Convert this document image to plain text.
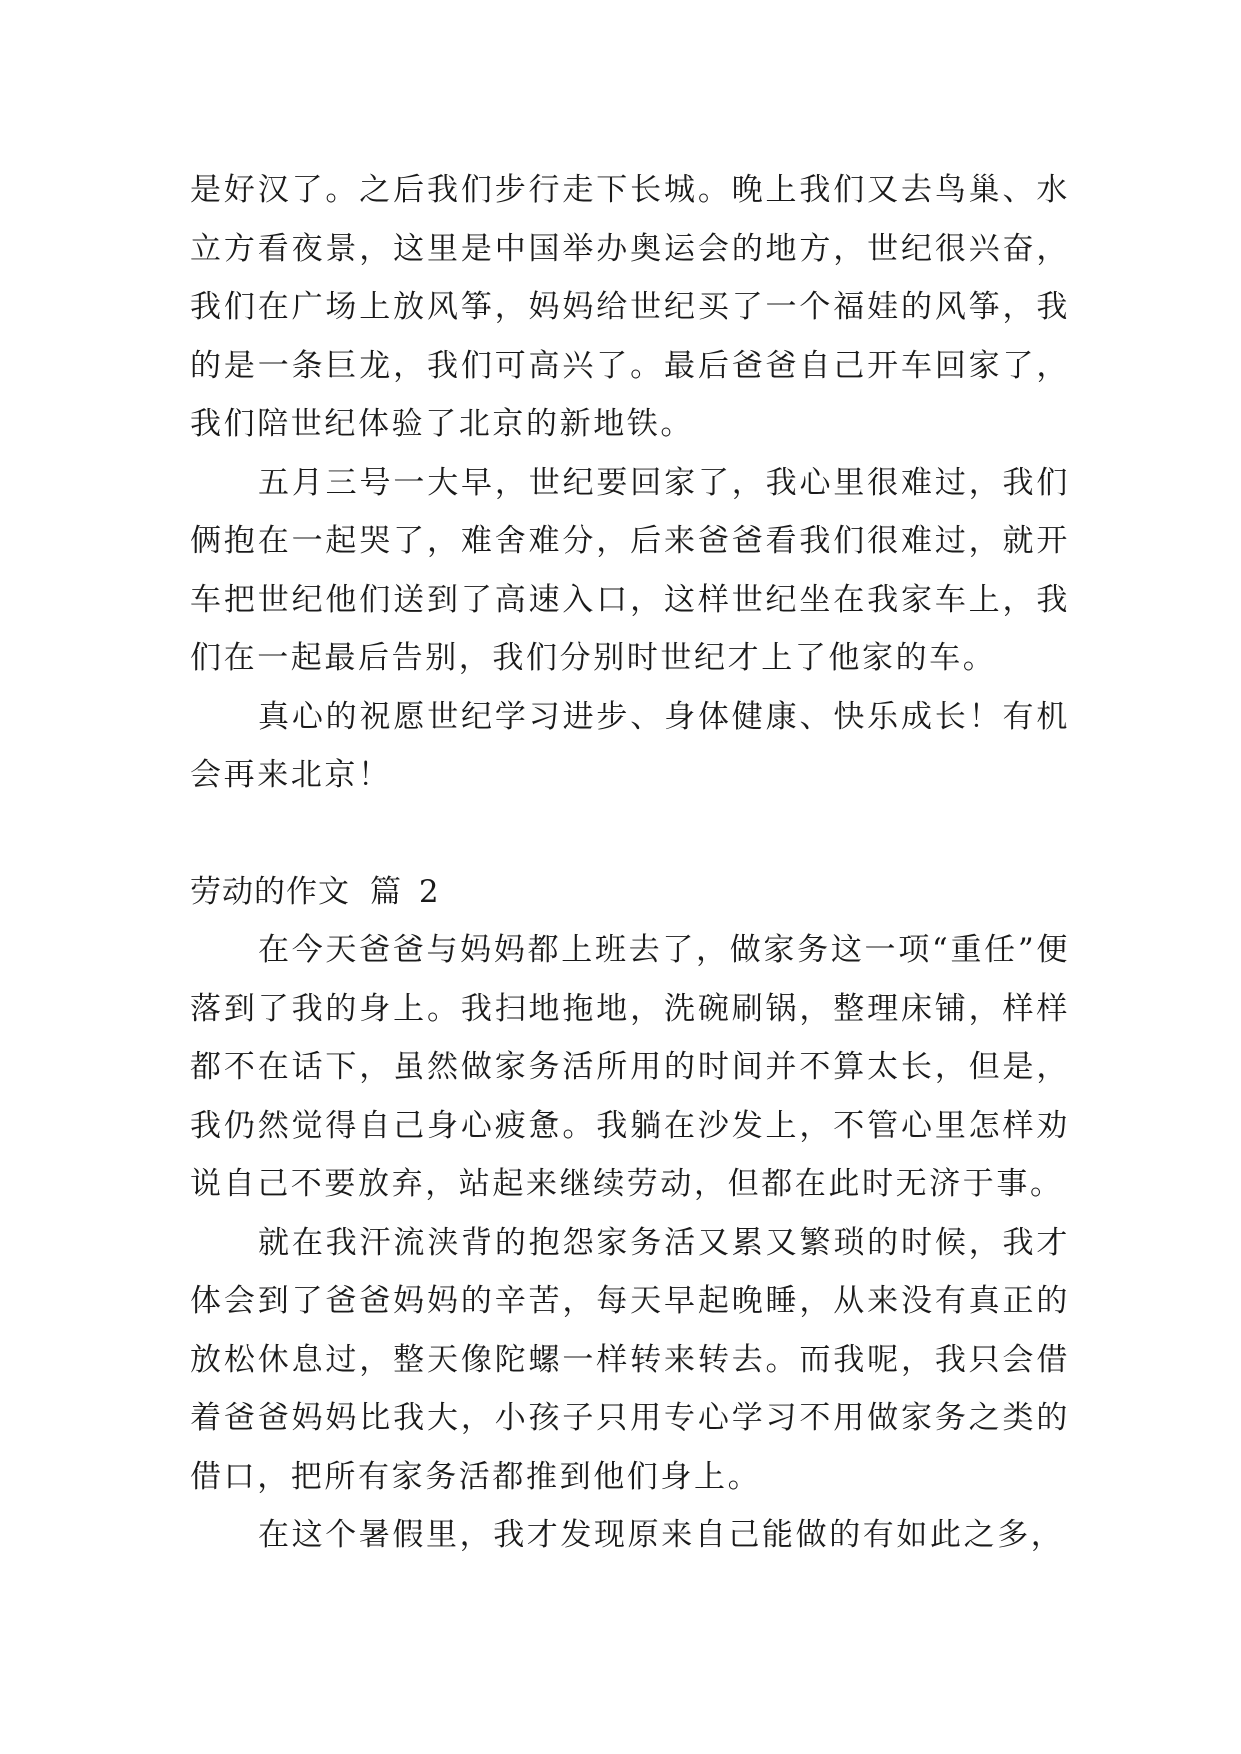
是好汉了。之后我们步行走下长城。晚上我们又去鸟巢、水立方看夜景，这里是中国举办奥运会的地方，世纪很兴奋，我们在广场上放风筝，妈妈给世纪买了一个福娃的风筝，我的是一条巨龙，我们可高兴了。最后爸爸自己开车回家了，我们陪世纪体验了北京的新地铁。

五月三号一大早，世纪要回家了，我心里很难过，我们俩抱在一起哭了，难舍难分，后来爸爸看我们很难过，就开车把世纪他们送到了高速入口，这样世纪坐在我家车上，我们在一起最后告别，我们分别时世纪才上了他家的车。

真心的祝愿世纪学习进步、身体健康、快乐成长！有机会再来北京！

劳动的作文 篇 2

在今天爸爸与妈妈都上班去了，做家务这一项“重任”便落到了我的身上。我扫地拖地，洗碗刷锅，整理床铺，样样都不在话下，虽然做家务活所用的时间并不算太长，但是，我仍然觉得自己身心疲惫。我躺在沙发上，不管心里怎样劝说自己不要放弃，站起来继续劳动，但都在此时无济于事。

就在我汗流浃背的抱怨家务活又累又繁琐的时候，我才体会到了爸爸妈妈的辛苦，每天早起晚睡，从来没有真正的放松休息过，整天像陀螺一样转来转去。而我呢，我只会借着爸爸妈妈比我大，小孩子只用专心学习不用做家务之类的借口，把所有家务活都推到他们身上。

在这个暑假里，我才发现原来自己能做的有如此之多，
